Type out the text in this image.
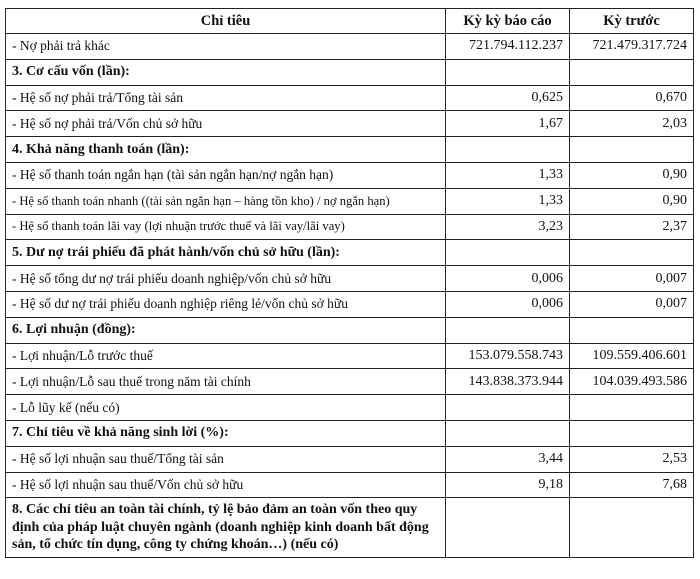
Chỉ tiêu	Kỳ kỳ báo cáo	Kỳ trước
- Nợ phải trả khác	721.794.112.237	721.479.317.724
3. Cơ cấu vốn (lần):		
- Hệ số nợ phải trả/Tổng tài sản	0,625	0,670
- Hệ số nợ phải trả/Vốn chủ sở hữu	1,67	2,03
4. Khả năng thanh toán (lần):		
- Hệ số thanh toán ngắn hạn (tài sản ngắn hạn/nợ ngắn hạn)	1,33	0,90
- Hệ số thanh toán nhanh ((tài sản ngắn hạn – hàng tồn kho) / nợ ngắn hạn)	1,33	0,90
- Hệ số thanh toán lãi vay (lợi nhuận trước thuế và lãi vay/lãi vay)	3,23	2,37
5. Dư nợ trái phiếu đã phát hành/vốn chủ sở hữu (lần):		
- Hệ số tổng dư nợ trái phiếu doanh nghiệp/vốn chủ sở hữu	0,006	0,007
- Hệ số dư nợ trái phiếu doanh nghiệp riêng lẻ/vốn chủ sở hữu	0,006	0,007
6. Lợi nhuận (đồng):		
- Lợi nhuận/Lỗ trước thuế	153.079.558.743	109.559.406.601
- Lợi nhuận/Lỗ sau thuế trong năm tài chính	143.838.373.944	104.039.493.586
- Lỗ lũy kế (nếu có)		
7. Chỉ tiêu về khả năng sinh lời (%):		
- Hệ số lợi nhuận sau thuế/Tổng tài sản	3,44	2,53
- Hệ số lợi nhuận sau thuế/Vốn chủ sở hữu	9,18	7,68
8. Các chỉ tiêu an toàn tài chính, tỷ lệ bảo đảm an toàn vốn theo quy định của pháp luật chuyên ngành (doanh nghiệp kinh doanh bất động sản, tổ chức tín dụng, công ty chứng khoán…) (nếu có)		
